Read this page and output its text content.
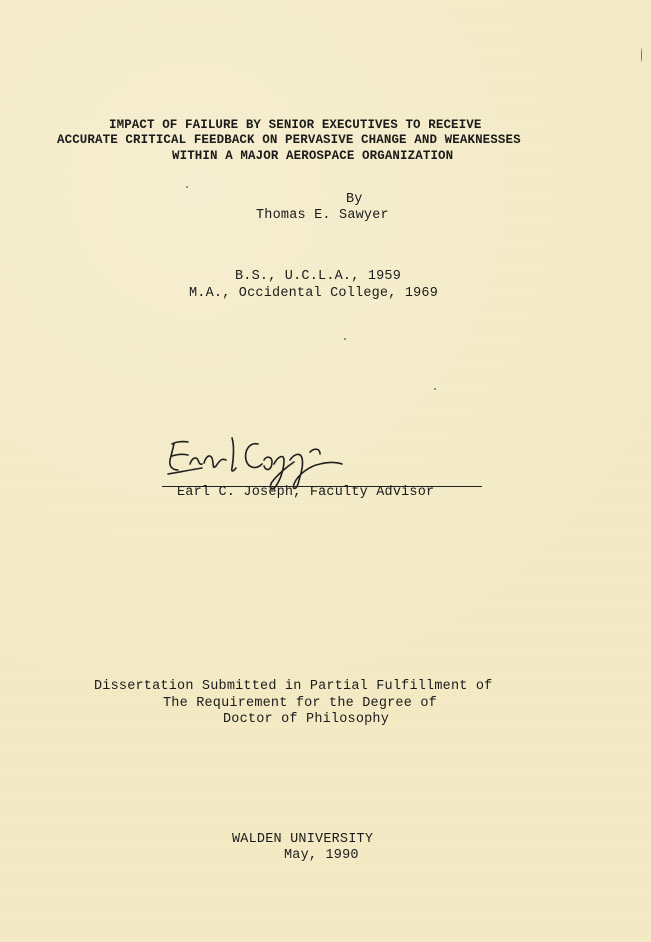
IMPACT OF FAILURE BY SENIOR EXECUTIVES TO RECEIVE
ACCURATE CRITICAL FEEDBACK ON PERVASIVE CHANGE AND WEAKNESSES
WITHIN A MAJOR AEROSPACE ORGANIZATION
By
Thomas E. Sawyer
B.S., U.C.L.A., 1959
M.A., Occidental College, 1969
Earl C. Joseph, Faculty Advisor
Dissertation Submitted in Partial Fulfillment of
The Requirement for the Degree of
Doctor of Philosophy
WALDEN UNIVERSITY
May, 1990
